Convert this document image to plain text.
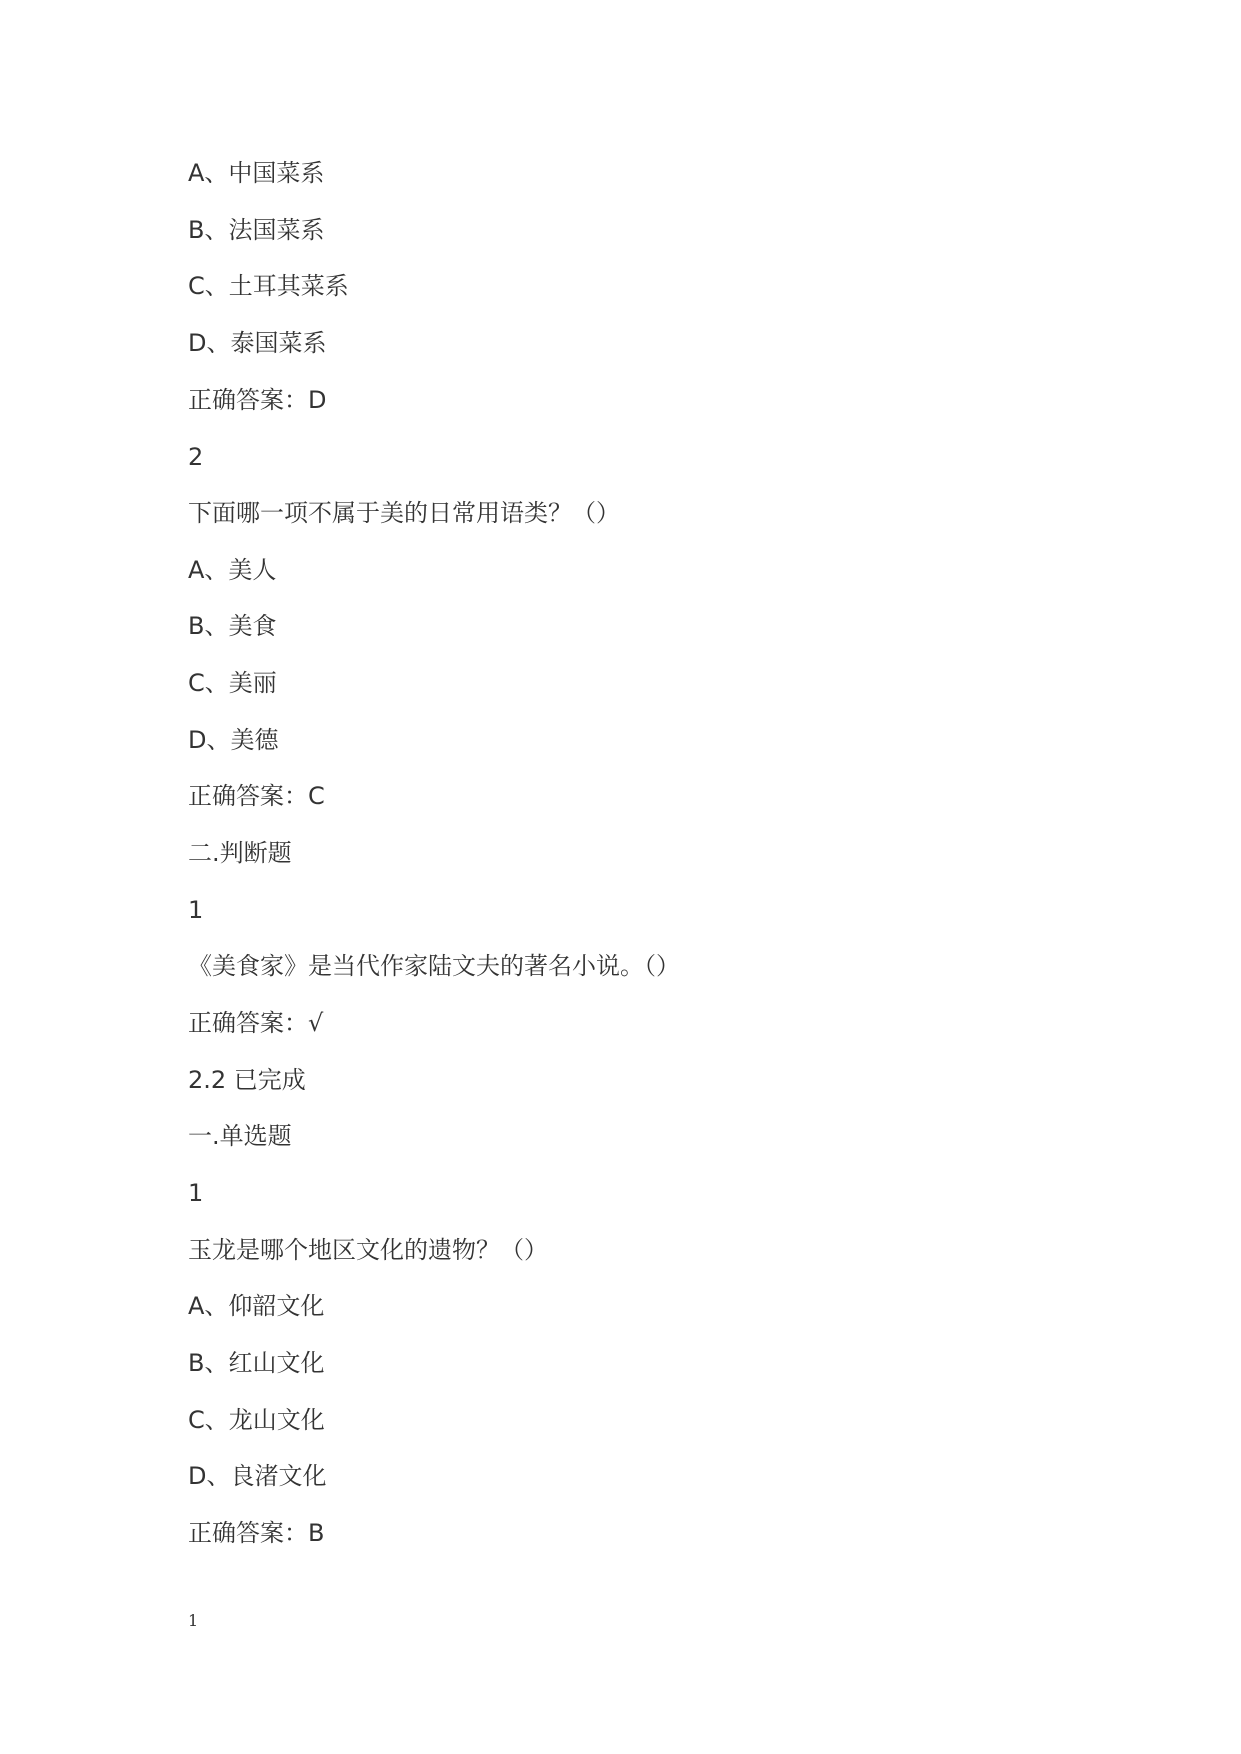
A、中国菜系
B、法国菜系
C、土耳其菜系
D、泰国菜系
正确答案：D
2
下面哪一项不属于美的日常用语类？（）
A、美人
B、美食
C、美丽
D、美德
正确答案：C
二.判断题
1
《美食家》是当代作家陆文夫的著名小说。（）
正确答案：√
2.2 已完成
一.单选题
1
玉龙是哪个地区文化的遗物？（）
A、仰韶文化
B、红山文化
C、龙山文化
D、良渚文化
正确答案：B
1
